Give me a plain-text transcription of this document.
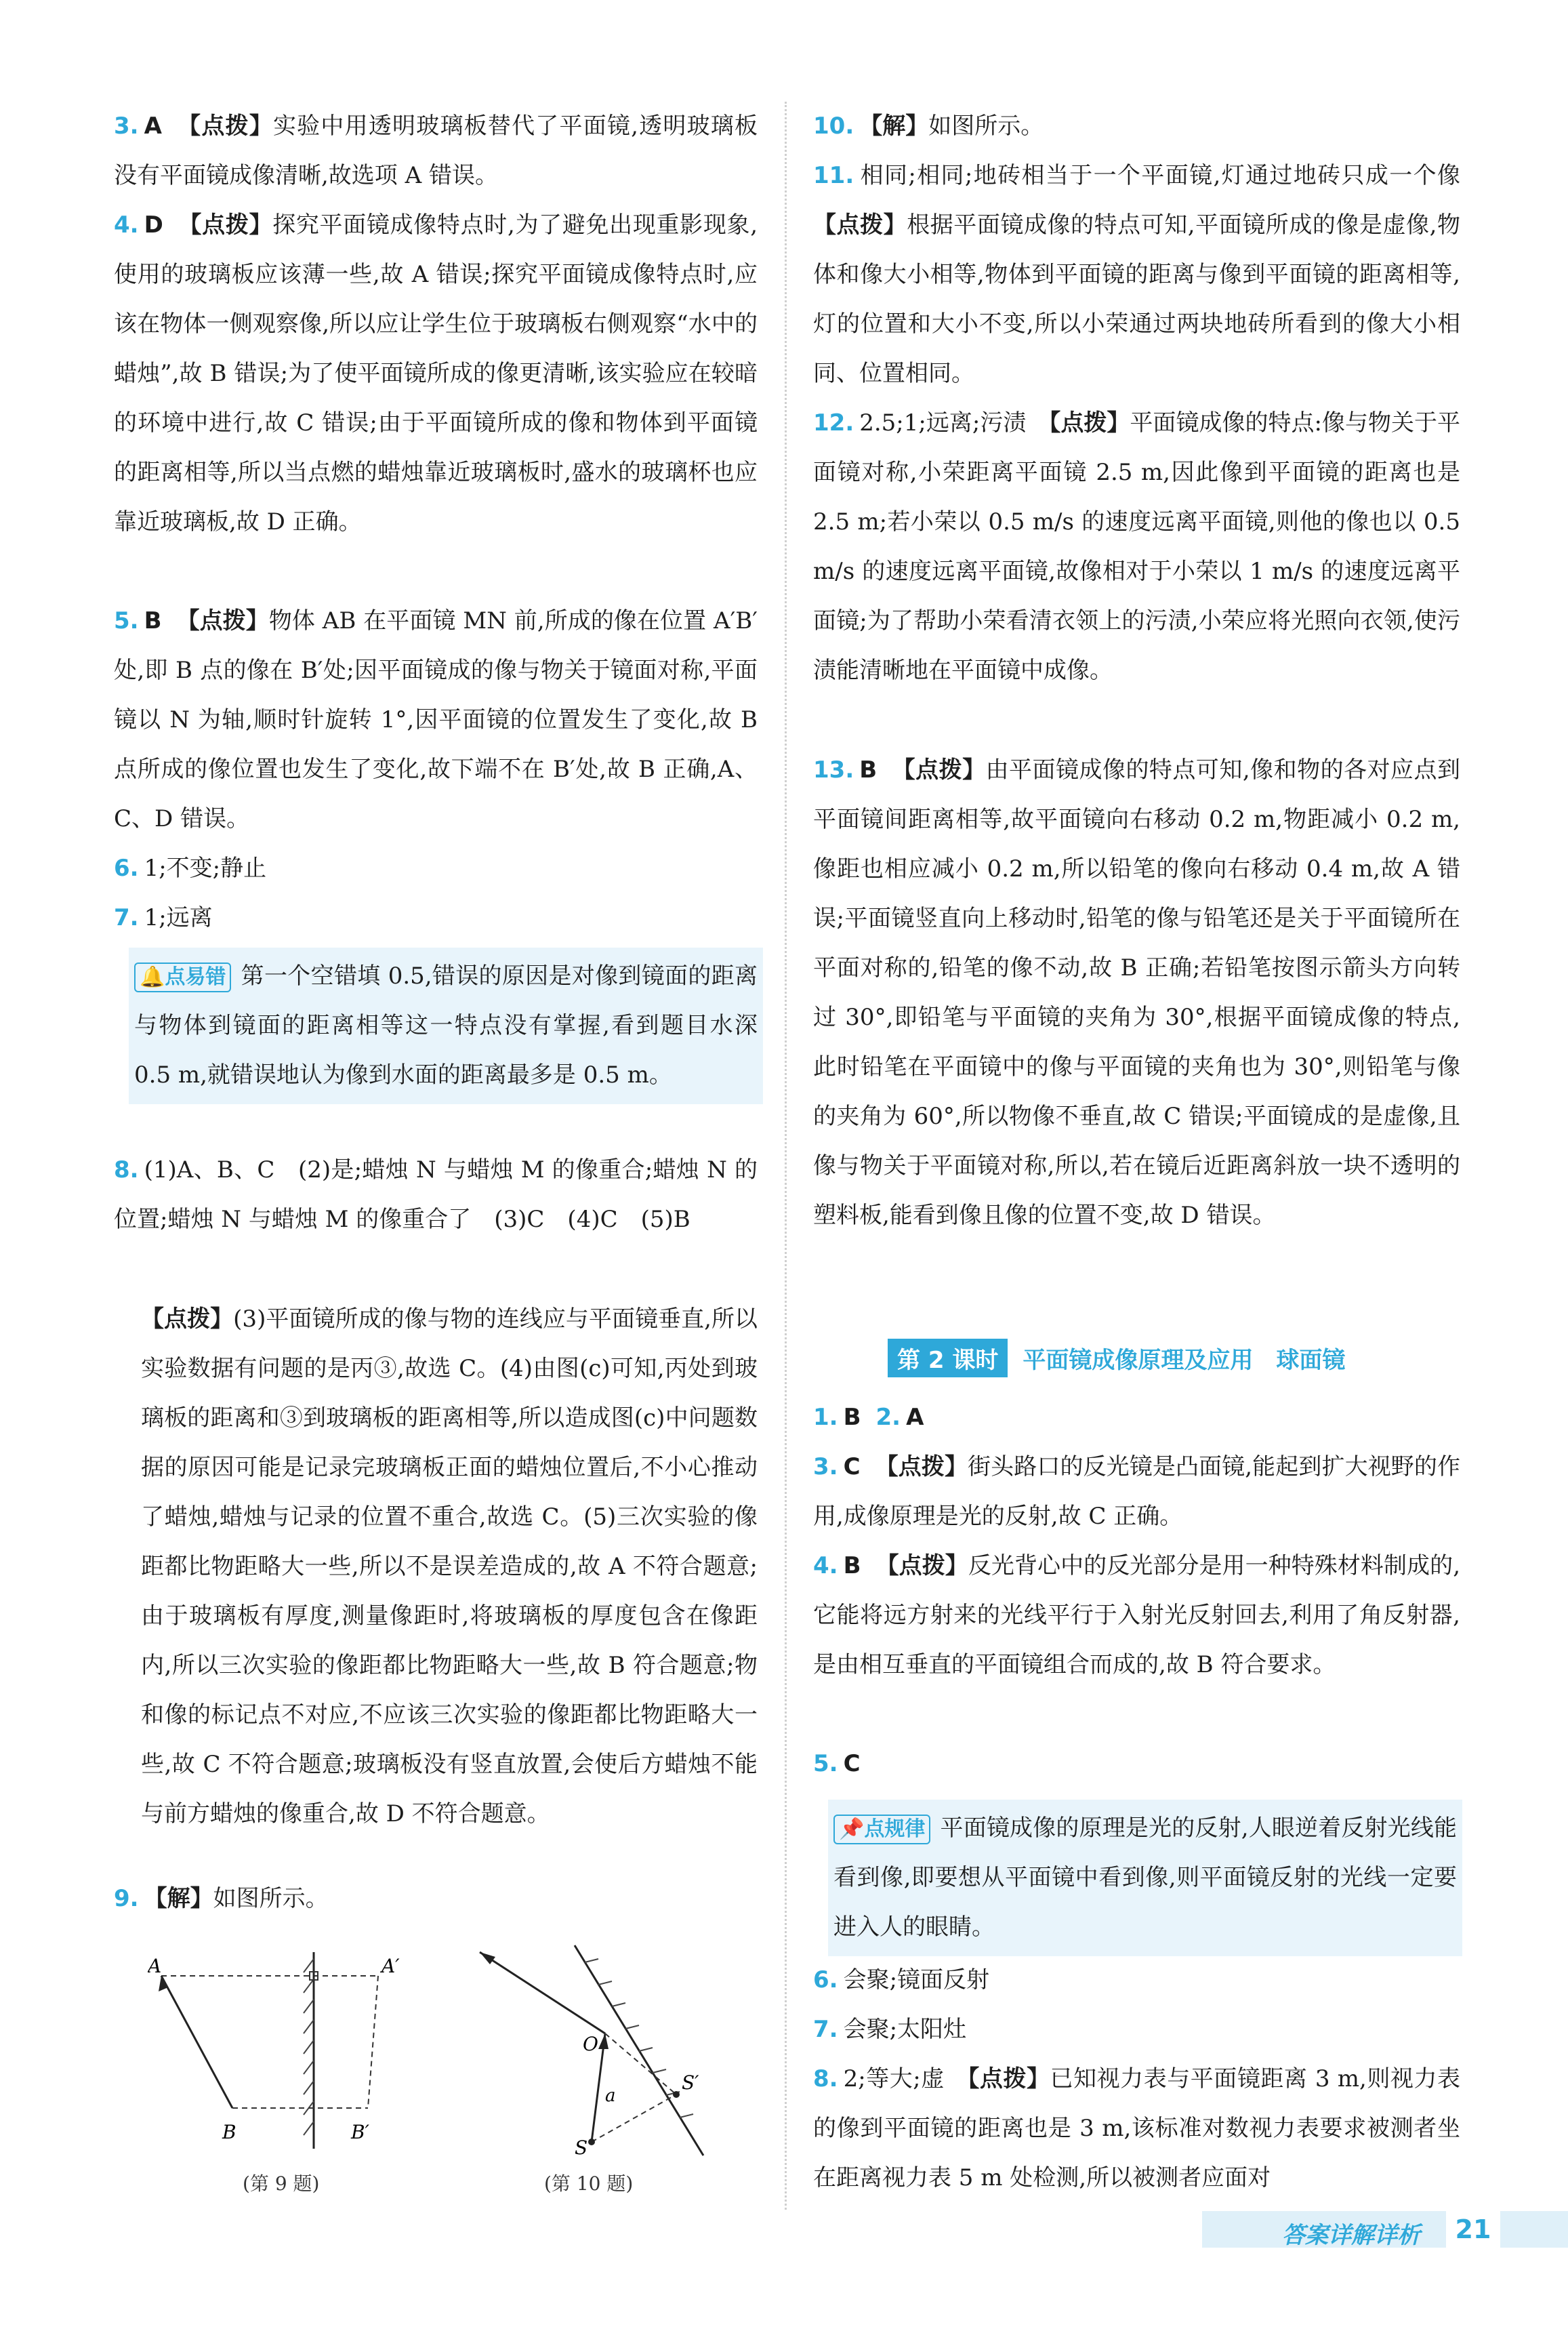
3. A 【点拨】实验中用透明玻璃板替代了平面镜,透明玻璃板没有平面镜成像清晰,故选项 A 错误。
4. D 【点拨】探究平面镜成像特点时,为了避免出现重影现象,使用的玻璃板应该薄一些,故 A 错误;探究平面镜成像特点时,应该在物体一侧观察像,所以应让学生位于玻璃板右侧观察“水中的蜡烛”,故 B 错误;为了使平面镜所成的像更清晰,该实验应在较暗的环境中进行,故 C 错误;由于平面镜所成的像和物体到平面镜的距离相等,所以当点燃的蜡烛靠近玻璃板时,盛水的玻璃杯也应靠近玻璃板,故 D 正确。
5. B 【点拨】物体 AB 在平面镜 MN 前,所成的像在位置 A′B′处,即 B 点的像在 B′处;因平面镜成的像与物关于镜面对称,平面镜以 N 为轴,顺时针旋转 1°,因平面镜的位置发生了变化,故 B 点所成的像位置也发生了变化,故下端不在 B′处,故 B 正确,A、C、D 错误。
6. 1;不变;静止
7. 1;远离
🔔点易错 第一个空错填 0.5,错误的原因是对像到镜面的距离与物体到镜面的距离相等这一特点没有掌握,看到题目水深 0.5 m,就错误地认为像到水面的距离最多是 0.5 m。
8. (1)A、B、C　(2)是;蜡烛 N 与蜡烛 M 的像重合;蜡烛 N 的位置;蜡烛 N 与蜡烛 M 的像重合了　(3)C　(4)C　(5)B
【点拨】(3)平面镜所成的像与物的连线应与平面镜垂直,所以实验数据有问题的是丙③,故选 C。(4)由图(c)可知,丙处到玻璃板的距离和③到玻璃板的距离相等,所以造成图(c)中问题数据的原因可能是记录完玻璃板正面的蜡烛位置后,不小心推动了蜡烛,蜡烛与记录的位置不重合,故选 C。(5)三次实验的像距都比物距略大一些,所以不是误差造成的,故 A 不符合题意;由于玻璃板有厚度,测量像距时,将玻璃板的厚度包含在像距内,所以三次实验的像距都比物距略大一些,故 B 符合题意;物和像的标记点不对应,不应该三次实验的像距都比物距略大一些,故 C 不符合题意;玻璃板没有竖直放置,会使后方蜡烛不能与前方蜡烛的像重合,故 D 不符合题意。
9. 【解】如图所示。
A	A′
B	B′
(第 9 题)
O
S
S′
a
(第 10 题)
10. 【解】如图所示。
11. 相同;相同;地砖相当于一个平面镜,灯通过地砖只成一个像　【点拨】根据平面镜成像的特点可知,平面镜所成的像是虚像,物体和像大小相等,物体到平面镜的距离与像到平面镜的距离相等,灯的位置和大小不变,所以小荣通过两块地砖所看到的像大小相同、位置相同。
12. 2.5;1;远离;污渍　【点拨】平面镜成像的特点:像与物关于平面镜对称,小荣距离平面镜 2.5 m,因此像到平面镜的距离也是 2.5 m;若小荣以 0.5 m/s 的速度远离平面镜,则他的像也以 0.5 m/s 的速度远离平面镜,故像相对于小荣以 1 m/s 的速度远离平面镜;为了帮助小荣看清衣领上的污渍,小荣应将光照向衣领,使污渍能清晰地在平面镜中成像。
13. B 【点拨】由平面镜成像的特点可知,像和物的各对应点到平面镜间距离相等,故平面镜向右移动 0.2 m,物距减小 0.2 m,像距也相应减小 0.2 m,所以铅笔的像向右移动 0.4 m,故 A 错误;平面镜竖直向上移动时,铅笔的像与铅笔还是关于平面镜所在平面对称的,铅笔的像不动,故 B 正确;若铅笔按图示箭头方向转过 30°,即铅笔与平面镜的夹角为 30°,根据平面镜成像的特点,此时铅笔在平面镜中的像与平面镜的夹角也为 30°,则铅笔与像的夹角为 60°,所以物像不垂直,故 C 错误;平面镜成的是虚像,且像与物关于平面镜对称,所以,若在镜后近距离斜放一块不透明的塑料板,能看到像且像的位置不变,故 D 错误。
第 2 课时 平面镜成像原理及应用　球面镜
1. B 2. A
3. C 【点拨】街头路口的反光镜是凸面镜,能起到扩大视野的作用,成像原理是光的反射,故 C 正确。
4. B 【点拨】反光背心中的反光部分是用一种特殊材料制成的,它能将远方射来的光线平行于入射光反射回去,利用了角反射器,是由相互垂直的平面镜组合而成的,故 B 符合要求。
5. C
📌点规律 平面镜成像的原理是光的反射,人眼逆着反射光线能看到像,即要想从平面镜中看到像,则平面镜反射的光线一定要进入人的眼睛。
6. 会聚;镜面反射
7. 会聚;太阳灶
8. 2;等大;虚　【点拨】已知视力表与平面镜距离 3 m,则视力表的像到平面镜的距离也是 3 m,该标准对数视力表要求被测者坐在距离视力表 5 m 处检测,所以被测者应面对
答案详解详析	21
